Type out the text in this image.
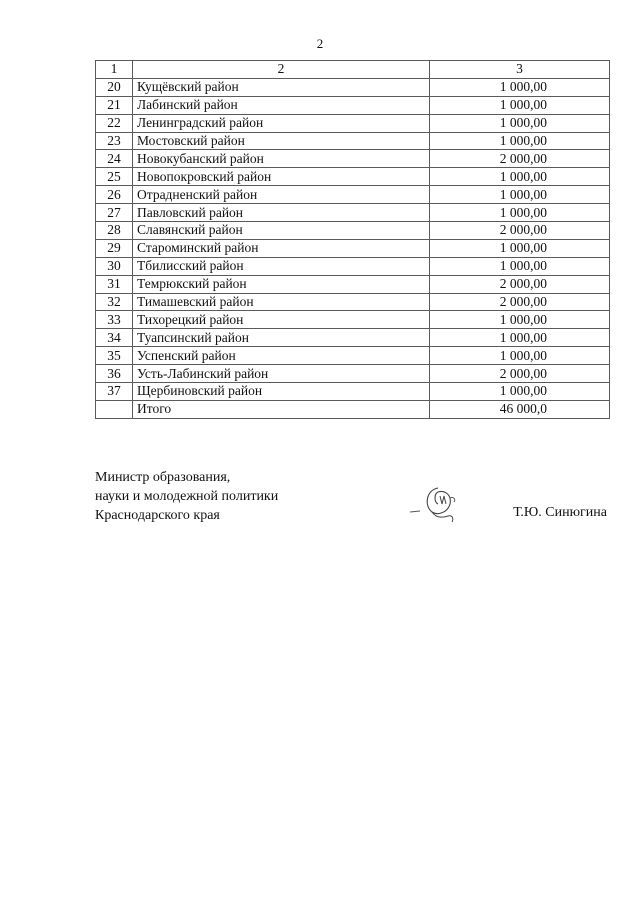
2
1	2	3
20	Кущёвский район	1 000,00
21	Лабинский район	1 000,00
22	Ленинградский район	1 000,00
23	Мостовский район	1 000,00
24	Новокубанский район	2 000,00
25	Новопокровский район	1 000,00
26	Отрадненский район	1 000,00
27	Павловский район	1 000,00
28	Славянский район	2 000,00
29	Староминский район	1 000,00
30	Тбилисский район	1 000,00
31	Темрюкский район	2 000,00
32	Тимашевский район	2 000,00
33	Тихорецкий район	1 000,00
34	Туапсинский район	1 000,00
35	Успенский район	1 000,00
36	Усть-Лабинский район	2 000,00
37	Щербиновский район	1 000,00
	Итого	46 000,0
Министр образования,
науки и молодежной политики
Краснодарского края	Т.Ю. Синюгина
